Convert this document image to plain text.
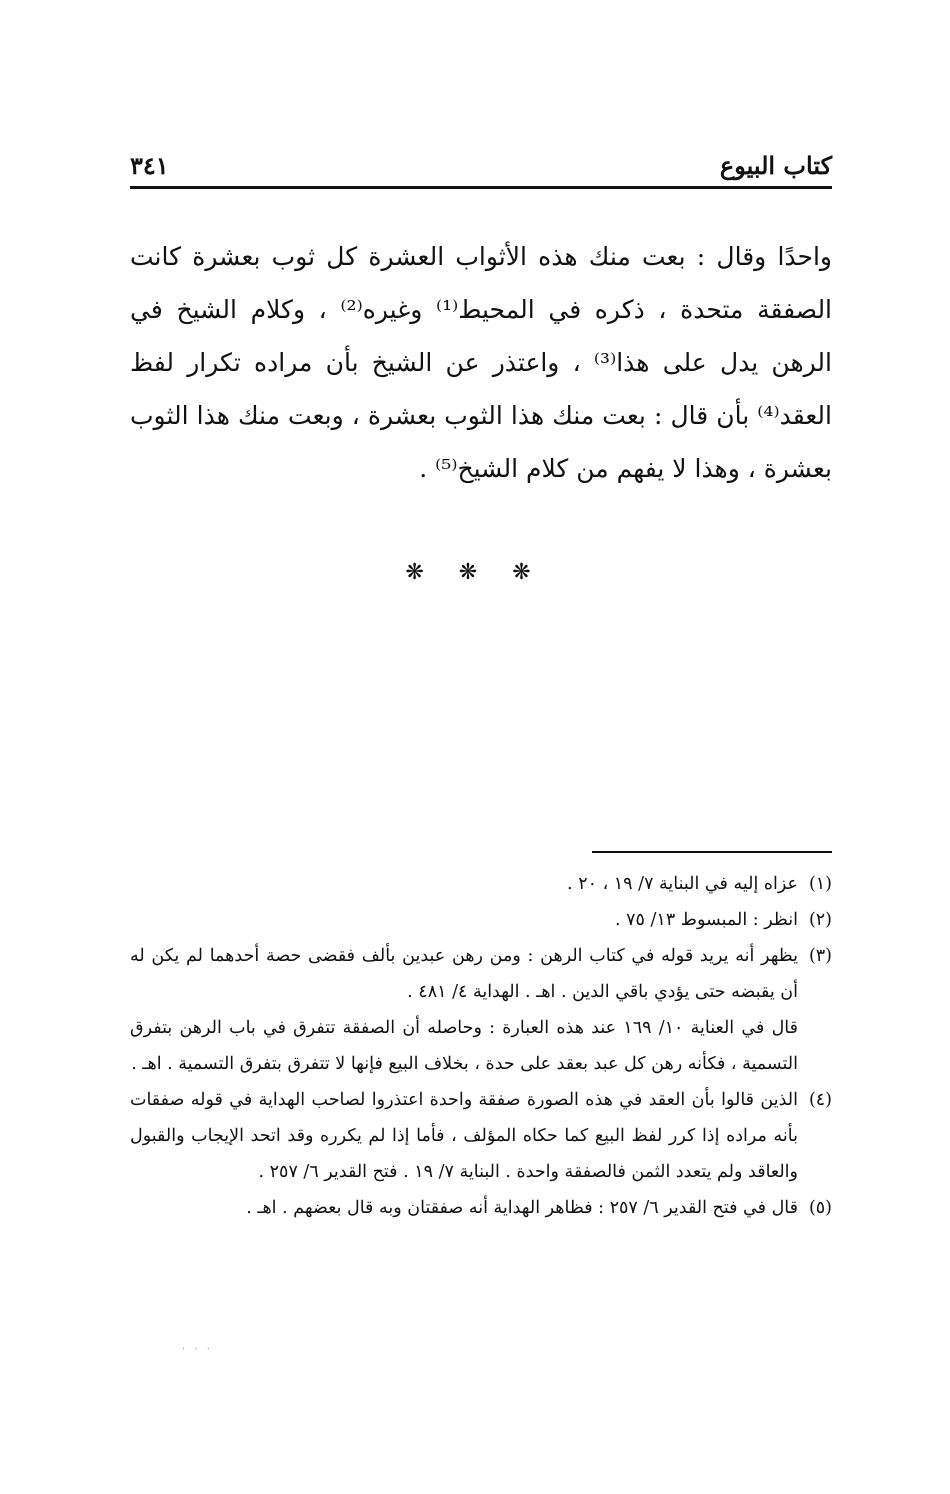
كتاب البيوع
٣٤١

واحدًا وقال : بعت منك هذه الأثواب العشرة كل ثوب بعشرة كانت الصفقة متحدة ، ذكره في المحيط⁽¹⁾ وغيره⁽²⁾ ، وكلام الشيخ في الرهن يدل على هذا⁽³⁾ ، واعتذر عن الشيخ بأن مراده تكرار لفظ العقد⁽⁴⁾ بأن قال : بعت منك هذا الثوب بعشرة ، وبعت منك هذا الثوب بعشرة ، وهذا لا يفهم من كلام الشيخ⁽⁵⁾ .

❋ ❋ ❋
(١)

عزاه إليه في البناية ٧/ ١٩ ، ٢٠ .

(٢)

انظر : المبسوط ١٣/ ٧٥ .

(٣)

يظهر أنه يريد قوله في كتاب الرهن : ومن رهن عبدين بألف فقضى حصة أحدهما لم يكن له أن يقبضه حتى يؤدي باقي الدين . اهـ . الهداية ٤/ ٤٨١ .

قال في العناية ١٠/ ١٦٩ عند هذه العبارة : وحاصله أن الصفقة تتفرق في باب الرهن بتفرق التسمية ، فكأنه رهن كل عبد بعقد على حدة ، بخلاف البيع فإنها لا تتفرق بتفرق التسمية . اهـ .

(٤)

الذين قالوا بأن العقد في هذه الصورة صفقة واحدة اعتذروا لصاحب الهداية في قوله صفقات بأنه مراده إذا كرر لفظ البيع كما حكاه المؤلف ، فأما إذا لم يكرره وقد اتحد الإيجاب والقبول والعاقد ولم يتعدد الثمن فالصفقة واحدة . البناية ٧/ ١٩ . فتح القدير ٦/ ٢٥٧ .

(٥)

قال في فتح القدير ٦/ ٢٥٧ : فظاهر الهداية أنه صفقتان وبه قال بعضهم . اهـ .

· · ·
